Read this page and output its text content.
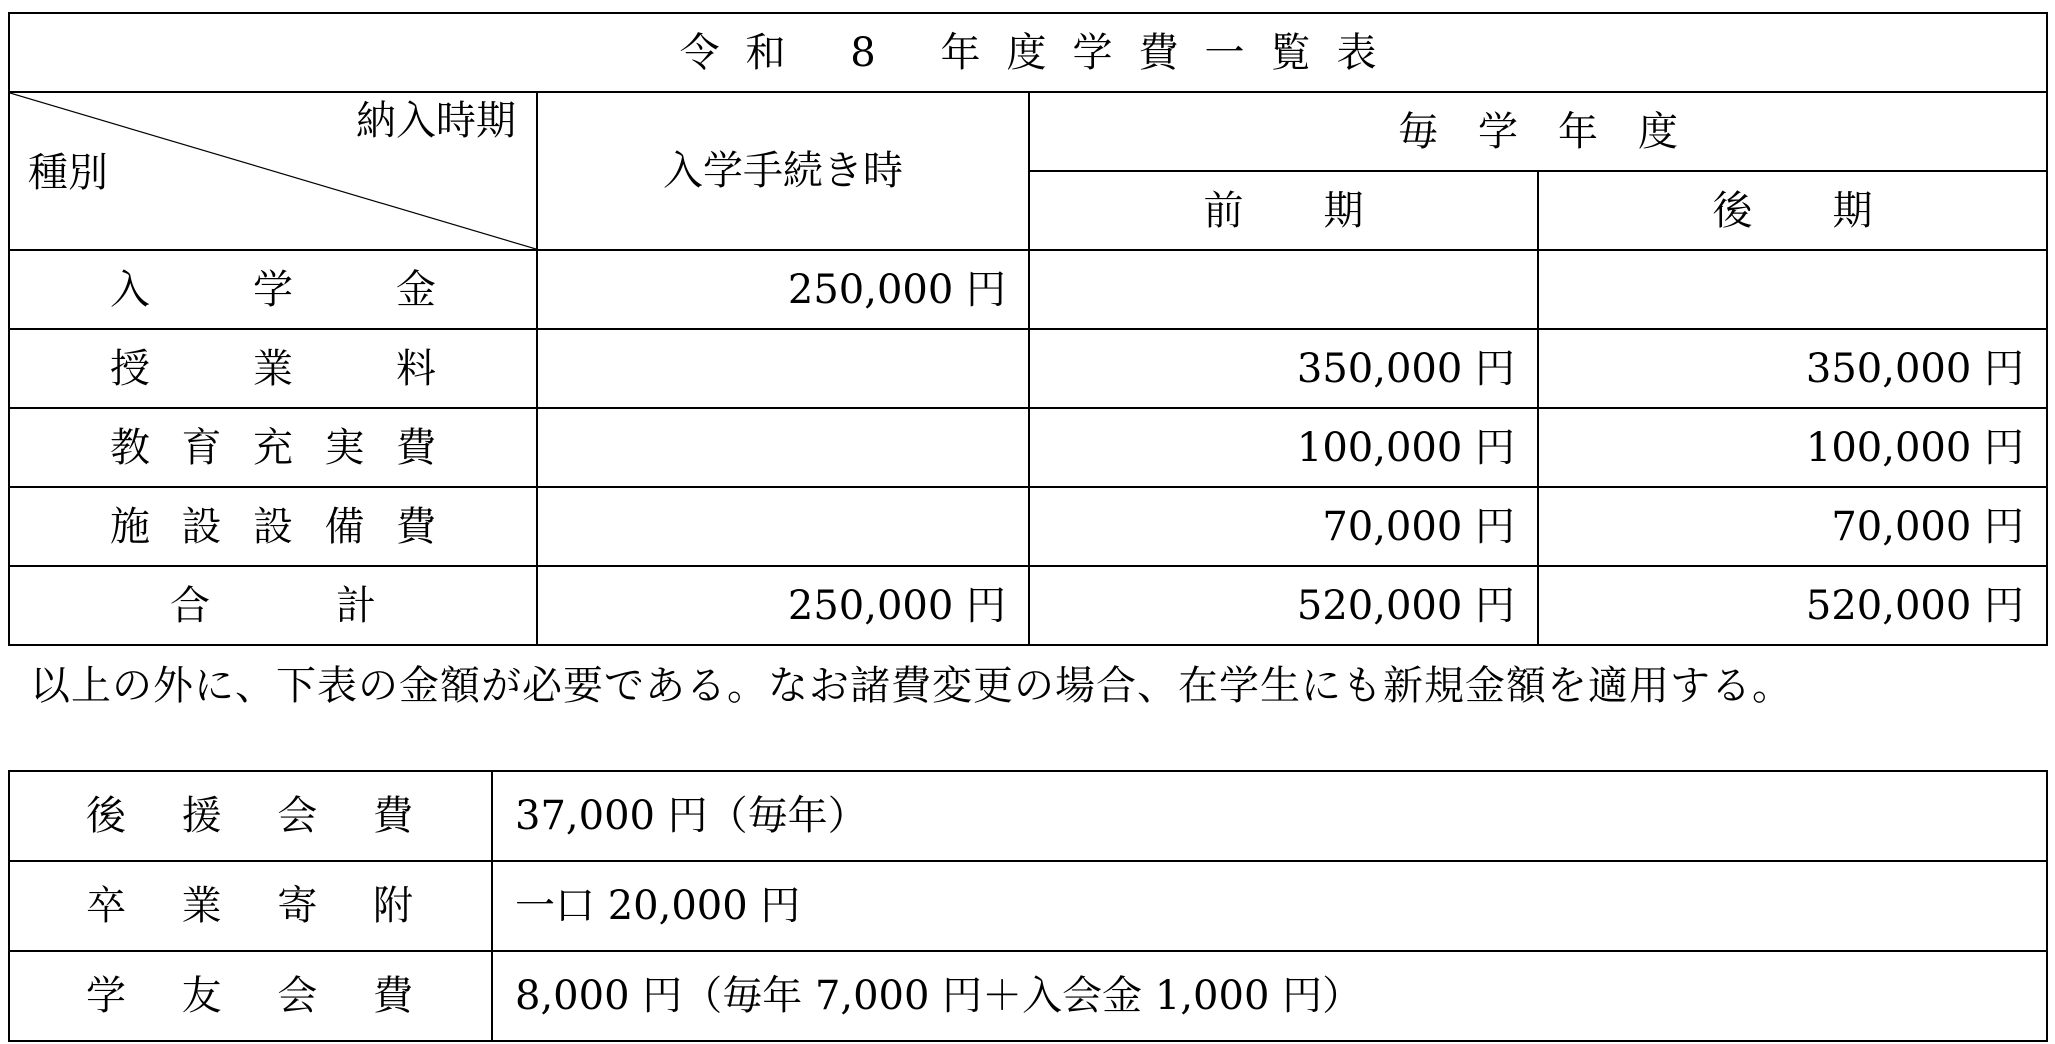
令和 8 年度学費一覧表			

納入時期
種別	入学手続き時	毎　学　年　度	
		前　　期	後　　期
入学金	250,000 円		
授業料		350,000 円	350,000 円
教育充実費		100,000 円	100,000 円
施設設備費		70,000 円	70,000 円
合計	250,000 円	520,000 円	520,000 円
以上の外に、下表の金額が必要である。なお諸費変更の場合、在学生にも新規金額を適用する。
後援会費	37,000 円（毎年）
卒業寄附	一口 20,000 円
学友会費	8,000 円（毎年 7,000 円＋入会金 1,000 円）
